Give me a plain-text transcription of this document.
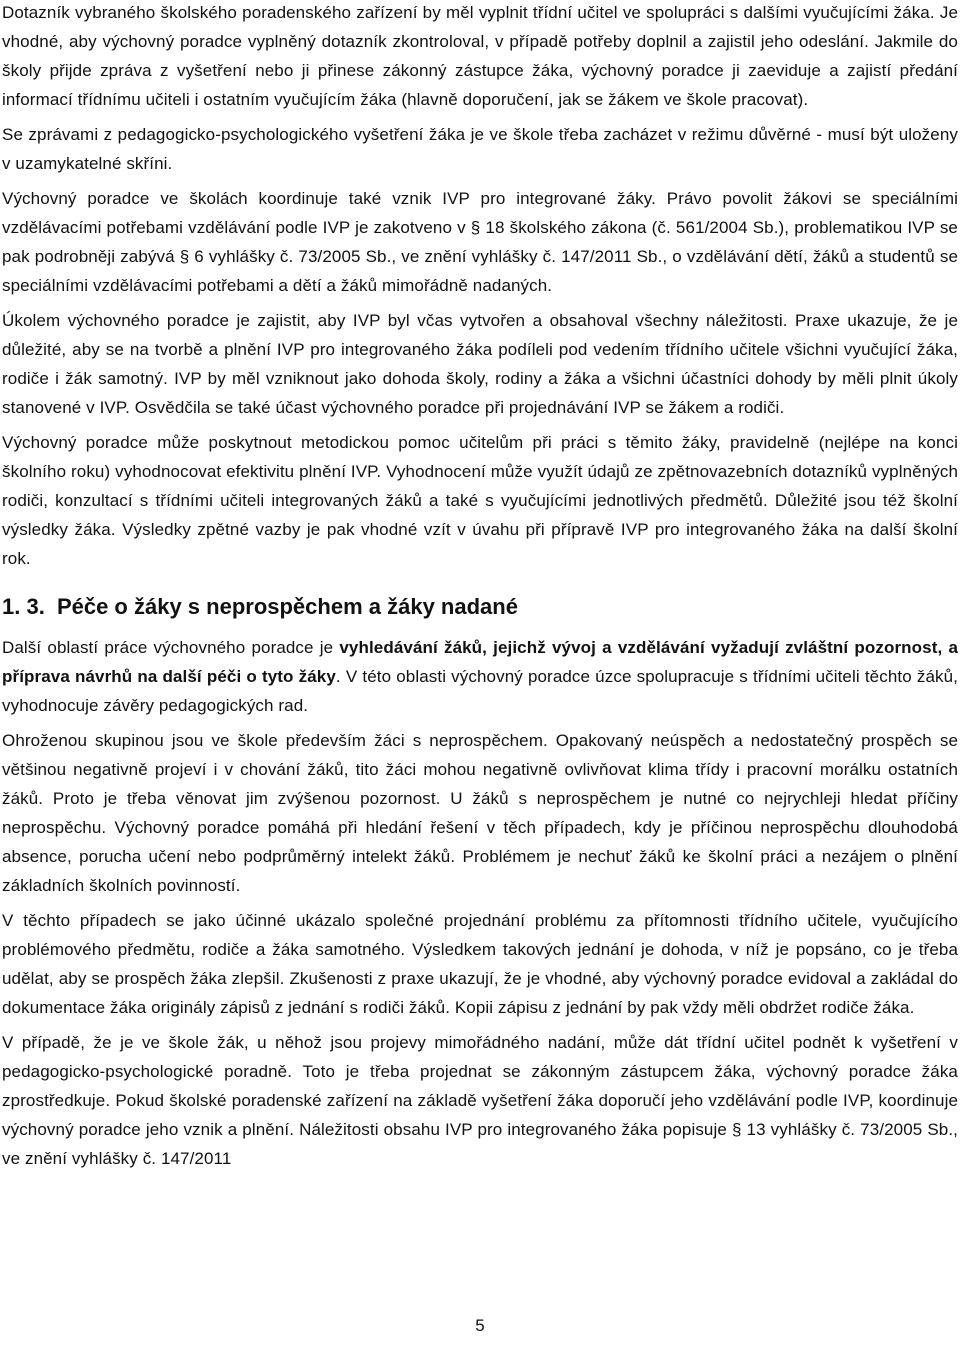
Dotazník vybraného školského poradenského zařízení by měl vyplnit třídní učitel ve spolupráci s dalšími vyučujícími žáka. Je vhodné, aby výchovný poradce vyplněný dotazník zkontroloval, v případě potřeby doplnil a zajistil jeho odeslání. Jakmile do školy přijde zpráva z vyšetření nebo ji přinese zákonný zástupce žáka, výchovný poradce ji zaeviduje a zajistí předání informací třídnímu učiteli i ostatním vyučujícím žáka (hlavně doporučení, jak se žákem ve škole pracovat).

Se zprávami z pedagogicko-psychologického vyšetření žáka je ve škole třeba zacházet v režimu důvěrné - musí být uloženy v uzamykatelné skříni.

Výchovný poradce ve školách koordinuje také vznik IVP pro integrované žáky. Právo povolit žákovi se speciálními vzdělávacími potřebami vzdělávání podle IVP je zakotveno v § 18 školského zákona (č. 561/2004 Sb.), problematikou IVP se pak podrobněji zabývá § 6 vyhlášky č. 73/2005 Sb., ve znění vyhlášky č. 147/2011 Sb., o vzdělávání dětí, žáků a studentů se speciálními vzdělávacími potřebami a dětí a žáků mimořádně nadaných.

Úkolem výchovného poradce je zajistit, aby IVP byl včas vytvořen a obsahoval všechny náležitosti. Praxe ukazuje, že je důležité, aby se na tvorbě a plnění IVP pro integrovaného žáka podíleli pod vedením třídního učitele všichni vyučující žáka, rodiče i žák samotný. IVP by měl vzniknout jako dohoda školy, rodiny a žáka a všichni účastníci dohody by měli plnit úkoly stanovené v IVP. Osvědčila se také účast výchovného poradce při projednávání IVP se žákem a rodiči.

Výchovný poradce může poskytnout metodickou pomoc učitelům při práci s těmito žáky, pravidelně (nejlépe na konci školního roku) vyhodnocovat efektivitu plnění IVP. Vyhodnocení může využít údajů ze zpětnovazebních dotazníků vyplněných rodiči, konzultací s třídními učiteli integrovaných žáků a také s vyučujícími jednotlivých předmětů. Důležité jsou též školní výsledky žáka. Výsledky zpětné vazby je pak vhodné vzít v úvahu při přípravě IVP pro integrovaného žáka na další školní rok.

1. 3. Péče o žáky s neprospěchem a žáky nadané

Další oblastí práce výchovného poradce je vyhledávání žáků, jejichž vývoj a vzdělávání vyžadují zvláštní pozornost, a příprava návrhů na další péči o tyto žáky. V této oblasti výchovný poradce úzce spolupracuje s třídními učiteli těchto žáků, vyhodnocuje závěry pedagogických rad.

Ohroženou skupinou jsou ve škole především žáci s neprospěchem. Opakovaný neúspěch a nedostatečný prospěch se většinou negativně projeví i v chování žáků, tito žáci mohou negativně ovlivňovat klima třídy i pracovní morálku ostatních žáků. Proto je třeba věnovat jim zvýšenou pozornost. U žáků s neprospěchem je nutné co nejrychleji hledat příčiny neprospěchu. Výchovný poradce pomáhá při hledání řešení v těch případech, kdy je příčinou neprospěchu dlouhodobá absence, porucha učení nebo podprůměrný intelekt žáků. Problémem je nechuť žáků ke školní práci a nezájem o plnění základních školních povinností.

V těchto případech se jako účinné ukázalo společné projednání problému za přítomnosti třídního učitele, vyučujícího problémového předmětu, rodiče a žáka samotného. Výsledkem takových jednání je dohoda, v níž je popsáno, co je třeba udělat, aby se prospěch žáka zlepšil. Zkušenosti z praxe ukazují, že je vhodné, aby výchovný poradce evidoval a zakládal do dokumentace žáka originály zápisů z jednání s rodiči žáků. Kopii zápisu z jednání by pak vždy měli obdržet rodiče žáka.

V případě, že je ve škole žák, u něhož jsou projevy mimořádného nadání, může dát třídní učitel podnět k vyšetření v pedagogicko-psychologické poradně. Toto je třeba projednat se zákonným zástupcem žáka, výchovný poradce žáka zprostředkuje. Pokud školské poradenské zařízení na základě vyšetření žáka doporučí jeho vzdělávání podle IVP, koordinuje výchovný poradce jeho vznik a plnění. Náležitosti obsahu IVP pro integrovaného žáka popisuje § 13 vyhlášky č. 73/2005 Sb., ve znění vyhlášky č. 147/2011

5
